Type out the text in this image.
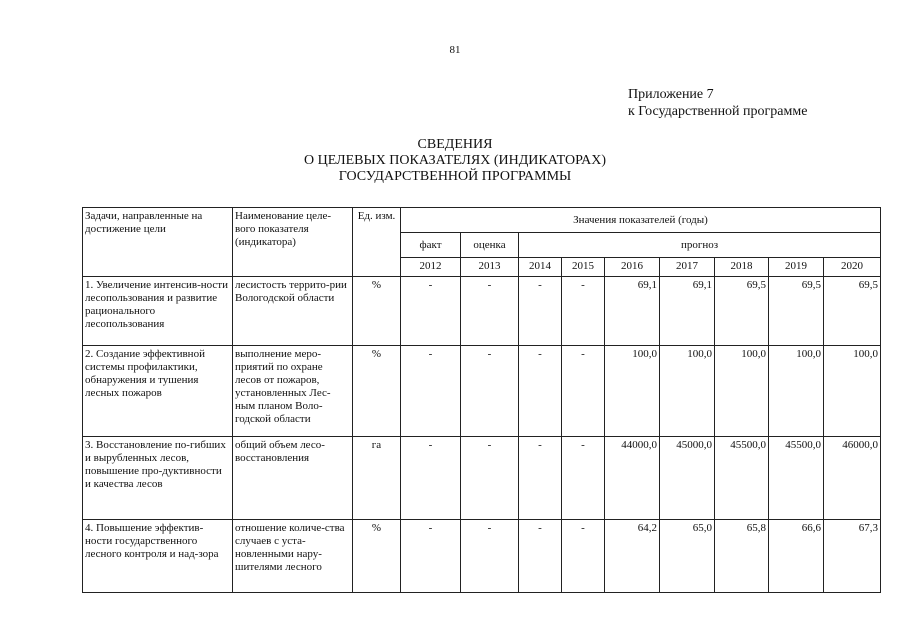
81
Приложение 7
к Государственной программе
СВЕДЕНИЯ
О ЦЕЛЕВЫХ ПОКАЗАТЕЛЯХ (ИНДИКАТОРАХ)
ГОСУДАРСТВЕННОЙ ПРОГРАММЫ
Задачи, направленные на достижение цели	Наименование целе-вого показателя (индикатора)	Ед. изм.	Значения показателей (годы)								
			факт	оценка	прогноз						
			2012	2013	2014	2015	2016	2017	2018	2019	2020
1. Увеличение интенсив-ности лесопользования и развитие рационального лесопользования	лесистость террито-рии Вологодской области	%	-	-	-	-	69,1	69,1	69,5	69,5	69,5
2. Создание эффективной системы профилактики, обнаружения и тушения лесных пожаров	выполнение меро-приятий по охране лесов от пожаров, установленных Лес-ным планом Воло-годской области	%	-	-	-	-	100,0	100,0	100,0	100,0	100,0
3. Восстановление по-гибших и вырубленных лесов, повышение про-дуктивности и качества лесов	общий объем лесо-восстановления	га	-	-	-	-	44000,0	45000,0	45500,0	45500,0	46000,0
4. Повышение эффектив-ности государственного лесного контроля и над-зора	отношение количе-ства случаев с уста-новленными нару-шителями лесного	%	-	-	-	-	64,2	65,0	65,8	66,6	67,3
